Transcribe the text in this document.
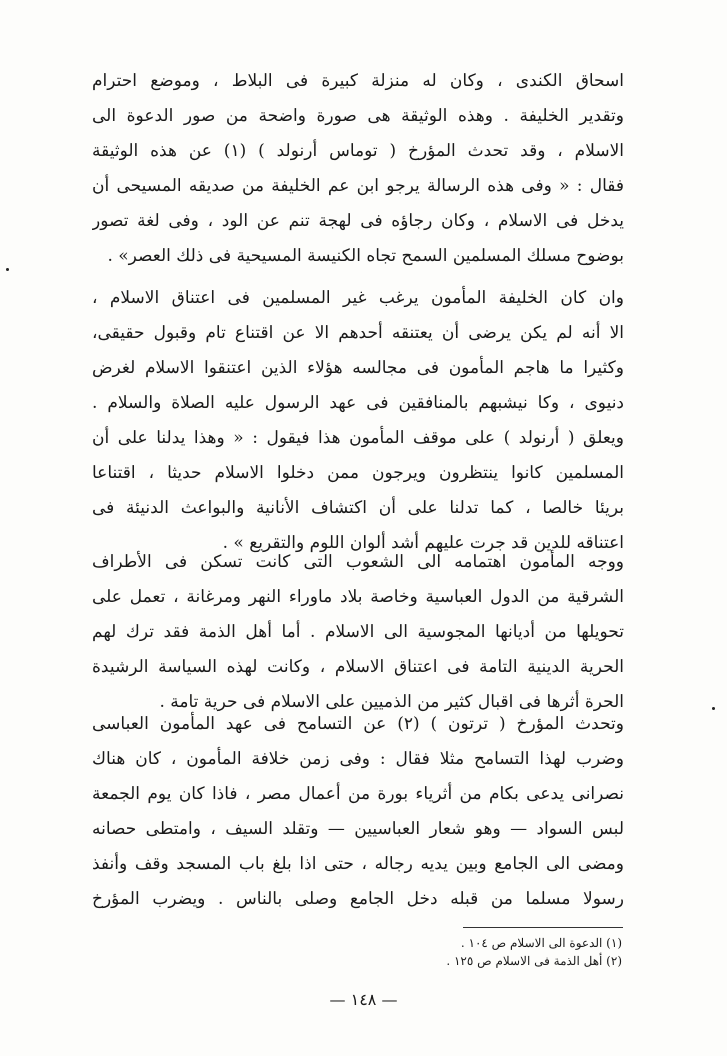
اسحاق الكندى ، وكان له منزلة كبيرة فى البلاط ، وموضع احترام
وتقدير الخليفة . وهذه الوثيقة هى صورة واضحة من صور الدعوة الى
الاسلام ، وقد تحدث المؤرخ ( توماس أرنولد ) (١) عن هذه الوثيقة
فقال : « وفى هذه الرسالة يرجو ابن عم الخليفة من صديقه المسيحى أن
يدخل فى الاسلام ، وكان رجاؤه فى لهجة تنم عن الود ، وفى لغة تصور
بوضوح مسلك المسلمين السمح تجاه الكنيسة المسيحية فى ذلك العصر» .
وان كان الخليفة المأمون يرغب غير المسلمين فى اعتناق الاسلام ،
الا أنه لم يكن يرضى أن يعتنقه أحدهم الا عن اقتناع تام وقبول حقيقى،
وكثيرا ما هاجم المأمون فى مجالسه هؤلاء الذين اعتنقوا الاسلام لغرض
دنيوى ، وكا نيشبهم بالمنافقين فى عهد الرسول عليه الصلاة والسلام .
ويعلق ( أرنولد ) على موقف المأمون هذا فيقول : « وهذا يدلنا على أن
المسلمين كانوا ينتظرون ويرجون ممن دخلوا الاسلام حديثا ، اقتناعا
بريئا خالصا ، كما تدلنا على أن اكتشاف الأنانية والبواعث الدنيئة فى
اعتناقه للدين قد جرت عليهم أشد ألوان اللوم والتقريع » .
ووجه المأمون اهتمامه الى الشعوب التى كانت تسكن فى الأطراف
الشرقية من الدول العباسية وخاصة بلاد ماوراء النهر ومرغانة ، تعمل على
تحويلها من أديانها المجوسية الى الاسلام . أما أهل الذمة فقد ترك لهم
الحرية الدينية التامة فى اعتناق الاسلام ، وكانت لهذه السياسة الرشيدة
الحرة أثرها فى اقبال كثير من الذميين على الاسلام فى حرية تامة .
وتحدث المؤرخ ( ترتون ) (٢) عن التسامح فى عهد المأمون العباسى
وضرب لهذا التسامح مثلا فقال : وفى زمن خلافة المأمون ، كان هناك
نصرانى يدعى بكام من أثرياء بورة من أعمال مصر ، فاذا كان يوم الجمعة
لبس السواد — وهو شعار العباسيين — وتقلد السيف ، وامتطى حصانه
ومضى الى الجامع وبين يديه رجاله ، حتى اذا بلغ باب المسجد وقف وأنفذ
رسولا مسلما من قبله دخل الجامع وصلى بالناس . ويضرب المؤرخ
(١) الدعوة الى الاسلام ص ١٠٤ .
(٢) أهل الذمة فى الاسلام ص ١٢٥ .
— ١٤٨ —
